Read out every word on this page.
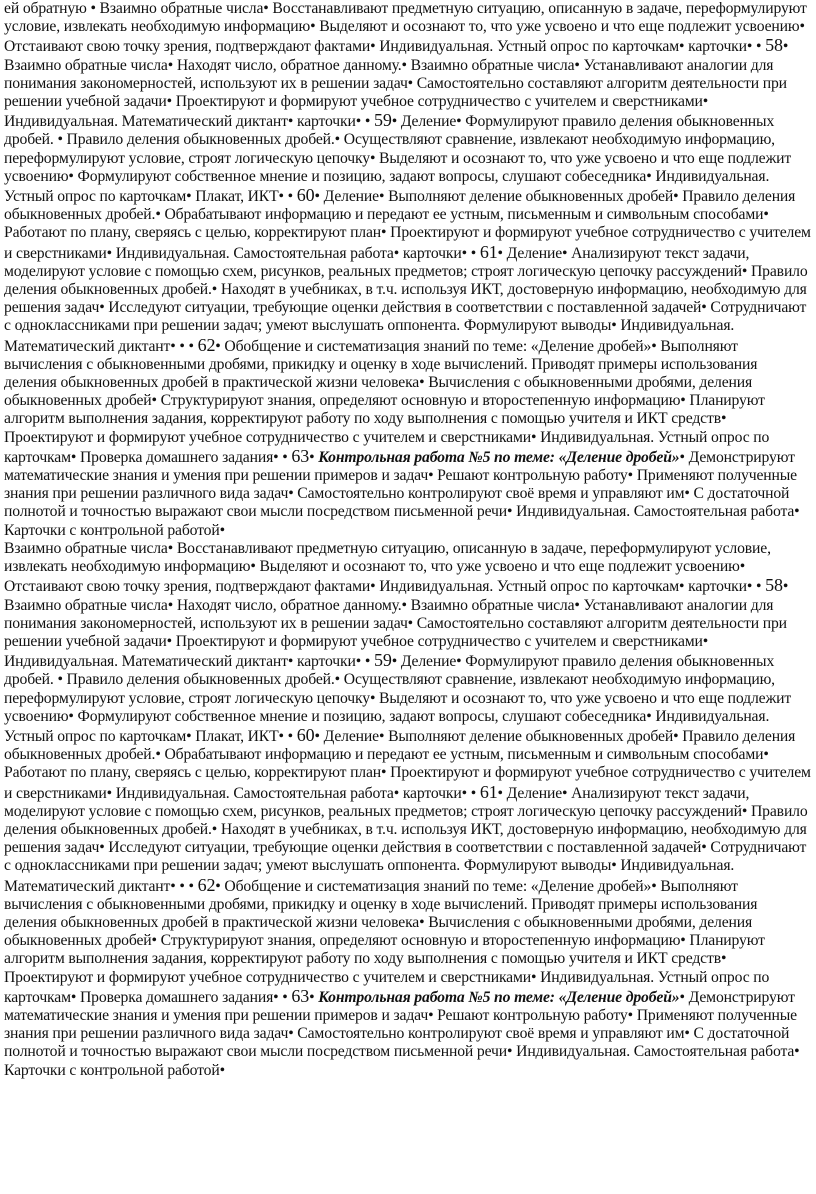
ей обратную • Взаимно обратные числа• Восстанавливают предметную ситуацию, описанную в задаче, переформулируют условие, извлекать необходимую информацию• Выделяют и осознают то, что уже усвоено и что еще подлежит усвоению• Отстаивают свою точку зрения, подтверждают фактами• Индивидуальная. Устный опрос по карточкам• карточки• • 58• Взаимно обратные числа• Находят число, обратное данному.• Взаимно обратные числа• Устанавливают аналогии для понимания закономерностей, используют их в решении задач• Самостоятельно составляют алгоритм деятельности при решении учебной задачи• Проектируют и формируют учебное сотрудничество с учителем и сверстниками• Индивидуальная. Математический диктант• карточки• • 59• Деление• Формулируют правило деления обыкновенных дробей. • Правило деления обыкновенных дробей.• Осуществляют сравнение, извлекают необходимую информацию, переформулируют условие, строят логическую цепочку• Выделяют и осознают то, что уже усвоено и что еще подлежит усвоению• Формулируют собственное мнение и позицию, задают вопросы, слушают собеседника• Индивидуальная. Устный опрос по карточкам• Плакат, ИКТ• • 60• Деление• Выполняют деление обыкновенных дробей• Правило деления обыкновенных дробей.• Обрабатывают информацию и передают ее устным, письменным и символьным способами• Работают по плану, сверяясь с целью, корректируют план• Проектируют и формируют учебное сотрудничество с учителем и сверстниками• Индивидуальная. Самостоятельная работа• карточки• • 61• Деление• Анализируют текст задачи, моделируют условие с помощью схем, рисунков, реальных предметов; строят логическую цепочку рассуждений• Правило деления обыкновенных дробей.• Находят в учебниках, в т.ч. используя ИКТ, достоверную информацию, необходимую для решения задач• Исследуют ситуации, требующие оценки действия в соответствии с поставленной задачей• Сотрудничают с одноклассниками при решении задач; умеют выслушать оппонента. Формулируют выводы• Индивидуальная. Математический диктант• • • 62• Обобщение и систематизация знаний по теме: «Деление дробей»• Выполняют вычисления с обыкновенными дробями, прикидку и оценку в ходе вычислений. Приводят примеры использования деления обыкновенных дробей в практической жизни человека• Вычисления с обыкновенными дробями, деления обыкновенных дробей• Структурируют знания, определяют основную и второстепенную информацию• Планируют алгоритм выполнения задания, корректируют работу по ходу выполнения с помощью учителя и ИКТ средств• Проектируют и формируют учебное сотрудничество с учителем и сверстниками• Индивидуальная. Устный опрос по карточкам• Проверка домашнего задания• • 63• Контрольная работа №5 по теме: «Деление дробей»• Демонстрируют математические знания и умения при решении примеров и задач• Решают контрольную работу• Применяют полученные знания при решении различного вида задач• Самостоятельно контролируют своё время и управляют им• С достаточной полнотой и точностью выражают свои мысли посредством письменной речи• Индивидуальная. Самостоятельная работа• Карточки с контрольной работой•

Взаимно обратные числа• Восстанавливают предметную ситуацию, описанную в задаче, переформулируют условие, извлекать необходимую информацию• Выделяют и осознают то, что уже усвоено и что еще подлежит усвоению• Отстаивают свою точку зрения, подтверждают фактами• Индивидуальная. Устный опрос по карточкам• карточки• • 58• Взаимно обратные числа• Находят число, обратное данному.• Взаимно обратные числа• Устанавливают аналогии для понимания закономерностей, используют их в решении задач• Самостоятельно составляют алгоритм деятельности при решении учебной задачи• Проектируют и формируют учебное сотрудничество с учителем и сверстниками• Индивидуальная. Математический диктант• карточки• • 59• Деление• Формулируют правило деления обыкновенных дробей. • Правило деления обыкновенных дробей.• Осуществляют сравнение, извлекают необходимую информацию, переформулируют условие, строят логическую цепочку• Выделяют и осознают то, что уже усвоено и что еще подлежит усвоению• Формулируют собственное мнение и позицию, задают вопросы, слушают собеседника• Индивидуальная. Устный опрос по карточкам• Плакат, ИКТ• • 60• Деление• Выполняют деление обыкновенных дробей• Правило деления обыкновенных дробей.• Обрабатывают информацию и передают ее устным, письменным и символьным способами• Работают по плану, сверяясь с целью, корректируют план• Проектируют и формируют учебное сотрудничество с учителем и сверстниками• Индивидуальная. Самостоятельная работа• карточки• • 61• Деление• Анализируют текст задачи, моделируют условие с помощью схем, рисунков, реальных предметов; строят логическую цепочку рассуждений• Правило деления обыкновенных дробей.• Находят в учебниках, в т.ч. используя ИКТ, достоверную информацию, необходимую для решения задач• Исследуют ситуации, требующие оценки действия в соответствии с поставленной задачей• Сотрудничают с одноклассниками при решении задач; умеют выслушать оппонента. Формулируют выводы• Индивидуальная. Математический диктант• • • 62• Обобщение и систематизация знаний по теме: «Деление дробей»• Выполняют вычисления с обыкновенными дробями, прикидку и оценку в ходе вычислений. Приводят примеры использования деления обыкновенных дробей в практической жизни человека• Вычисления с обыкновенными дробями, деления обыкновенных дробей• Структурируют знания, определяют основную и второстепенную информацию• Планируют алгоритм выполнения задания, корректируют работу по ходу выполнения с помощью учителя и ИКТ средств• Проектируют и формируют учебное сотрудничество с учителем и сверстниками• Индивидуальная. Устный опрос по карточкам• Проверка домашнего задания• • 63• Контрольная работа №5 по теме: «Деление дробей»• Демонстрируют математические знания и умения при решении примеров и задач• Решают контрольную работу• Применяют полученные знания при решении различного вида задач• Самостоятельно контролируют своё время и управляют им• С достаточной полнотой и точностью выражают свои мысли посредством письменной речи• Индивидуальная. Самостоятельная работа• Карточки с контрольной работой•
